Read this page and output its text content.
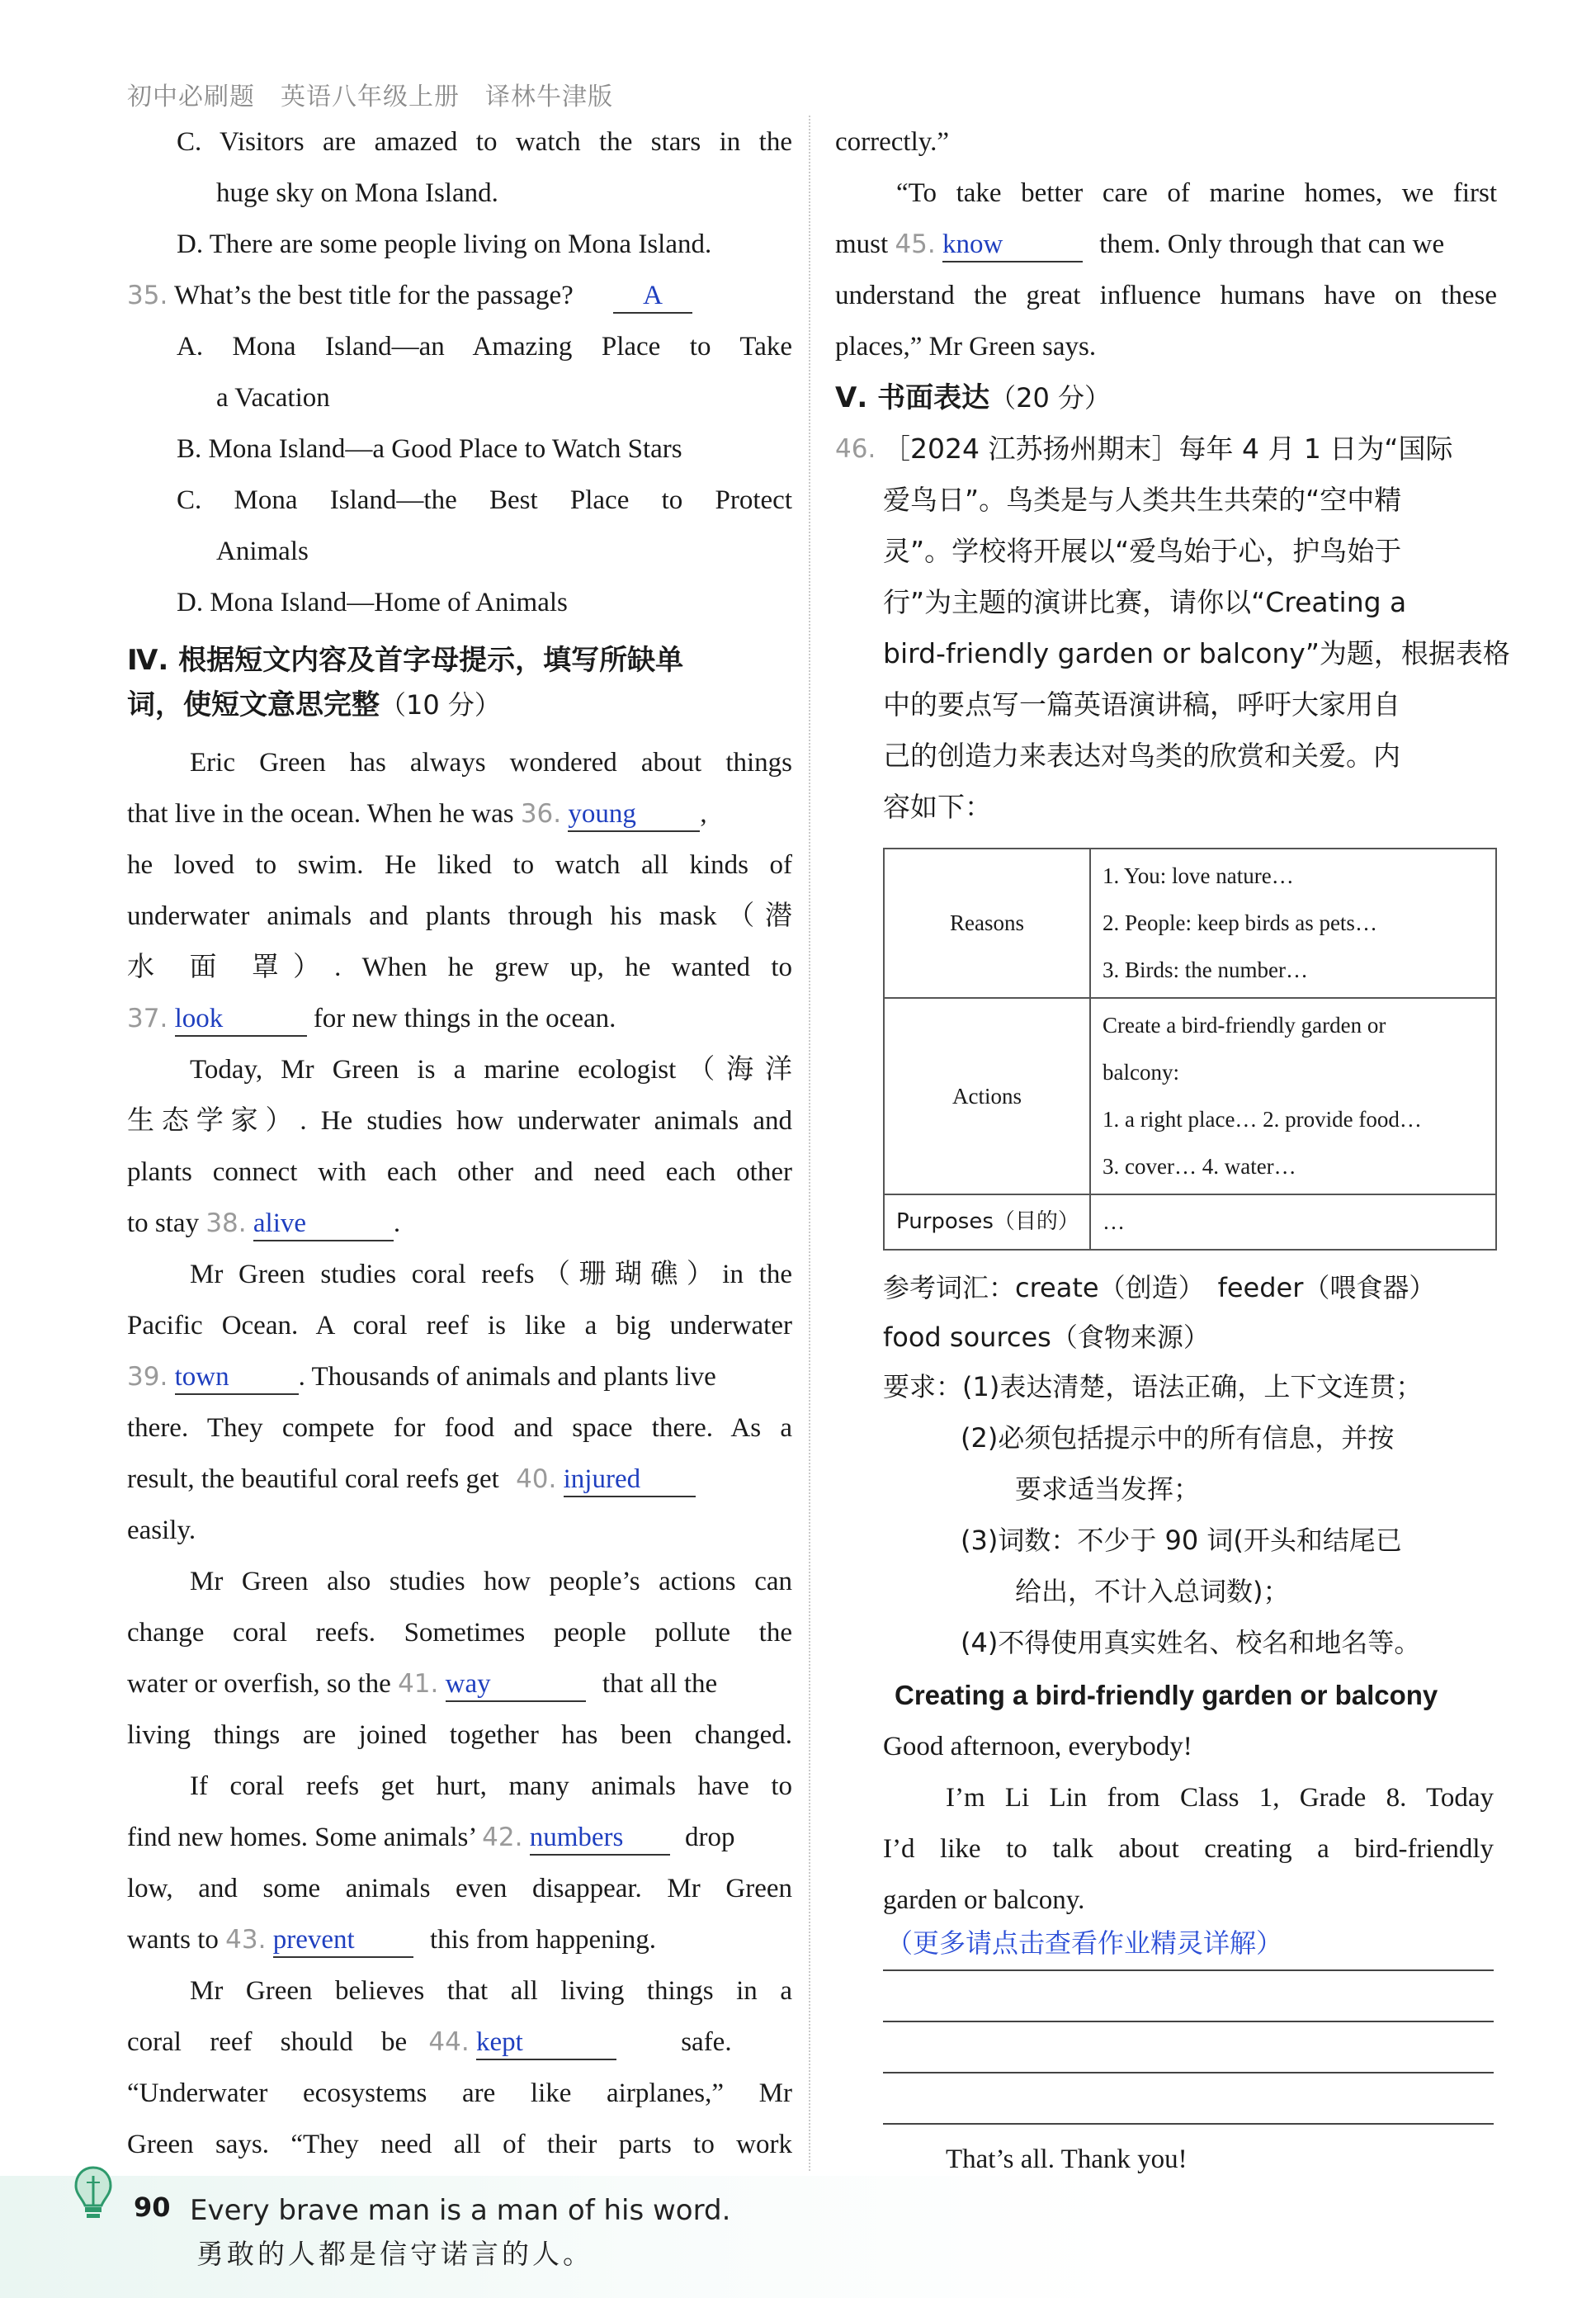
初中必刷题　英语八年级上册　译林牛津版
C. Visitors are amazed to watch the stars in the
huge sky on Mona Island.
D. There are some people living on Mona Island.
35. What’s the best title for the passage?	A
A. Mona Island—an Amazing Place to Take
a Vacation
B. Mona Island—a Good Place to Watch Stars
C. Mona Island—the Best Place to Protect
Animals
D. Mona Island—Home of Animals
Ⅳ. 根据短文内容及首字母提示，填写所缺单
词，使短文意思完整（10 分）
Eric Green has always wondered about things
that live in the ocean. When he was 36. young ,
he loved to swim. He liked to watch all kinds of
underwater animals and plants through his mask（潜
水 面 罩）. When he grew up, he wanted to
37. look	for new things in the ocean.
Today, Mr Green is a marine ecologist（海洋
生态学家）. He studies how underwater animals and
plants connect with each other and need each other
to stay 38. alive	.
Mr Green studies coral reefs（珊瑚礁）in the
Pacific Ocean. A coral reef is like a big underwater
39. town	. Thousands of animals and plants live
there. They compete for food and space there. As a
result, the beautiful coral reefs get 40. injured
easily.
Mr Green also studies how people’s actions can
change coral reefs. Sometimes people pollute the
water or overfish, so the 41. way	that all the
living things are joined together has been changed.
If coral reefs get hurt, many animals have to
find new homes. Some animals’ 42. numbers drop
low, and some animals even disappear. Mr Green
wants to 43. prevent	this from happening.
Mr Green believes that all living things in a
coral reef should be 44. kept	safe.
“Underwater ecosystems are like airplanes,” Mr
Green says. “They need all of their parts to work
correctly.”
“To take better care of marine homes, we first
must 45. know	them. Only through that can we
understand the great influence humans have on these
places,” Mr Green says.
Ⅴ. 书面表达（20 分）
46. ［2024 江苏扬州期末］每年 4 月 1 日为“国际
爱鸟日”。鸟类是与人类共生共荣的“空中精
灵”。学校将开展以“爱鸟始于心，护鸟始于
行”为主题的演讲比赛，请你以“Creating a
bird-friendly garden or balcony”为题，根据表格
中的要点写一篇英语演讲稿，呼吁大家用自
己的创造力来表达对鸟类的欣赏和关爱。内
容如下：
Reasons	1. You: love nature…
2. People: keep birds as pets…
3. Birds: the number…

Actions	Create a bird-friendly garden or
balcony:
1. a right place… 2. provide food…
3. cover… 4. water…

Purposes（目的）	…
参考词汇：create（创造）　feeder（喂食器）
food sources（食物来源）
要求：(1)表达清楚，语法正确，上下文连贯；
(2)必须包括提示中的所有信息，并按
要求适当发挥；
(3)词数：不少于 90 词(开头和结尾已
给出，不计入总词数)；
(4)不得使用真实姓名、校名和地名等。
Creating a bird-friendly garden or balcony
Good afternoon, everybody!
I’m Li Lin from Class 1, Grade 8. Today
I’d like to talk about creating a bird-friendly
garden or balcony.
（更多请点击查看作业精灵详解）
That’s all. Thank you!
90 Every brave man is a man of his word.
勇敢的人都是信守诺言的人。
